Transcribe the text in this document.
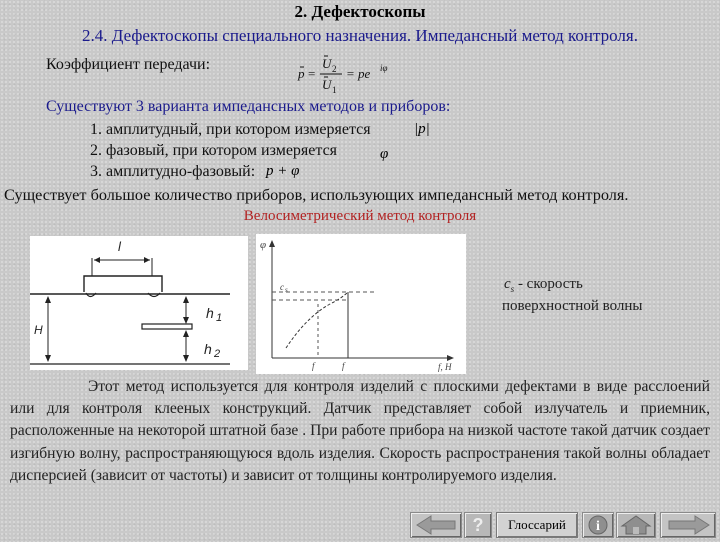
2. Дефектоскопы
2.4. Дефектоскопы специального назначения. Импедансный метод контроля.
Коэффициент передачи:
p =
U 2
U 1
= pe iφ
Существуют 3 варианта импедансных методов и приборов:
1. амплитудный, при котором измеряется	|p|
2. фазовый, при котором измеряется	φ
3. амплитудно-фазовый: p + φ
Существует большое количество приборов, использующих импедансный метод контроля.
Велосиметрический метод контроля
l
H
h 1
h 2
φ
c s
f	f	f, H
$c_s$ - скорость
поверхностной волны

Этот метод используется для контроля изделий с плоскими дефектами в виде расслоений или для контроля клееных конструкций. Датчик представляет собой излучатель и приемник, расположенные на некоторой штатной базе . При работе прибора на низкой частоте такой датчик создает изгибную волну, распространяющуюся вдоль изделия. Скорость распространения такой волны обладает дисперсией (зависит от частоты) и зависит от толщины контролируемого изделия.

?	Глоссарий	i
